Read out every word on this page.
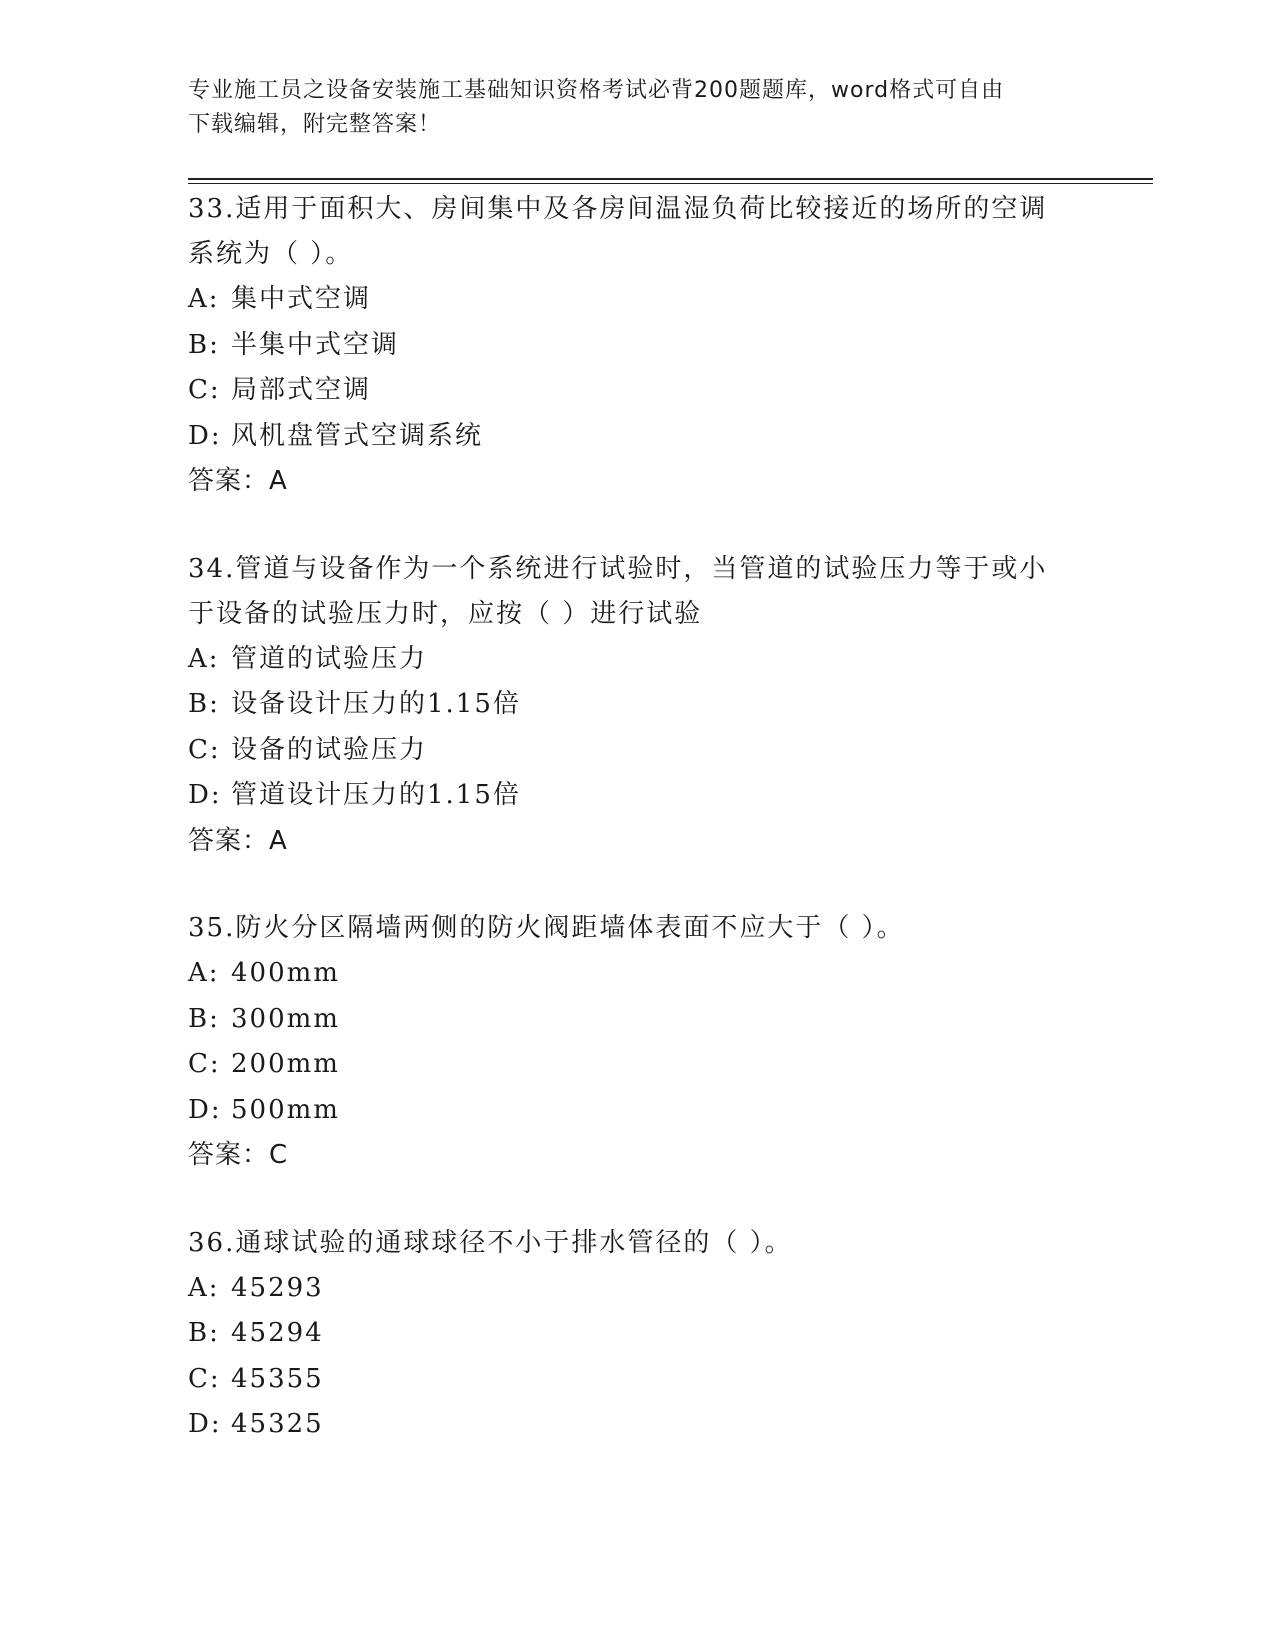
专业施工员之设备安装施工基础知识资格考试必背200题题库，word格式可自由
下载编辑，附完整答案！

33.适用于面积大、房间集中及各房间温湿负荷比较接近的场所的空调

系统为（ ）。

A: 集中式空调

B: 半集中式空调

C: 局部式空调

D: 风机盘管式空调系统

答案：A

34.管道与设备作为一个系统进行试验时，当管道的试验压力等于或小

于设备的试验压力时，应按（ ）进行试验

A: 管道的试验压力

B: 设备设计压力的1.15倍

C: 设备的试验压力

D: 管道设计压力的1.15倍

答案：A

35.防火分区隔墙两侧的防火阀距墙体表面不应大于（ ）。

A: 400mm

B: 300mm

C: 200mm

D: 500mm

答案：C

36.通球试验的通球球径不小于排水管径的（ ）。

A: 45293

B: 45294

C: 45355

D: 45325
